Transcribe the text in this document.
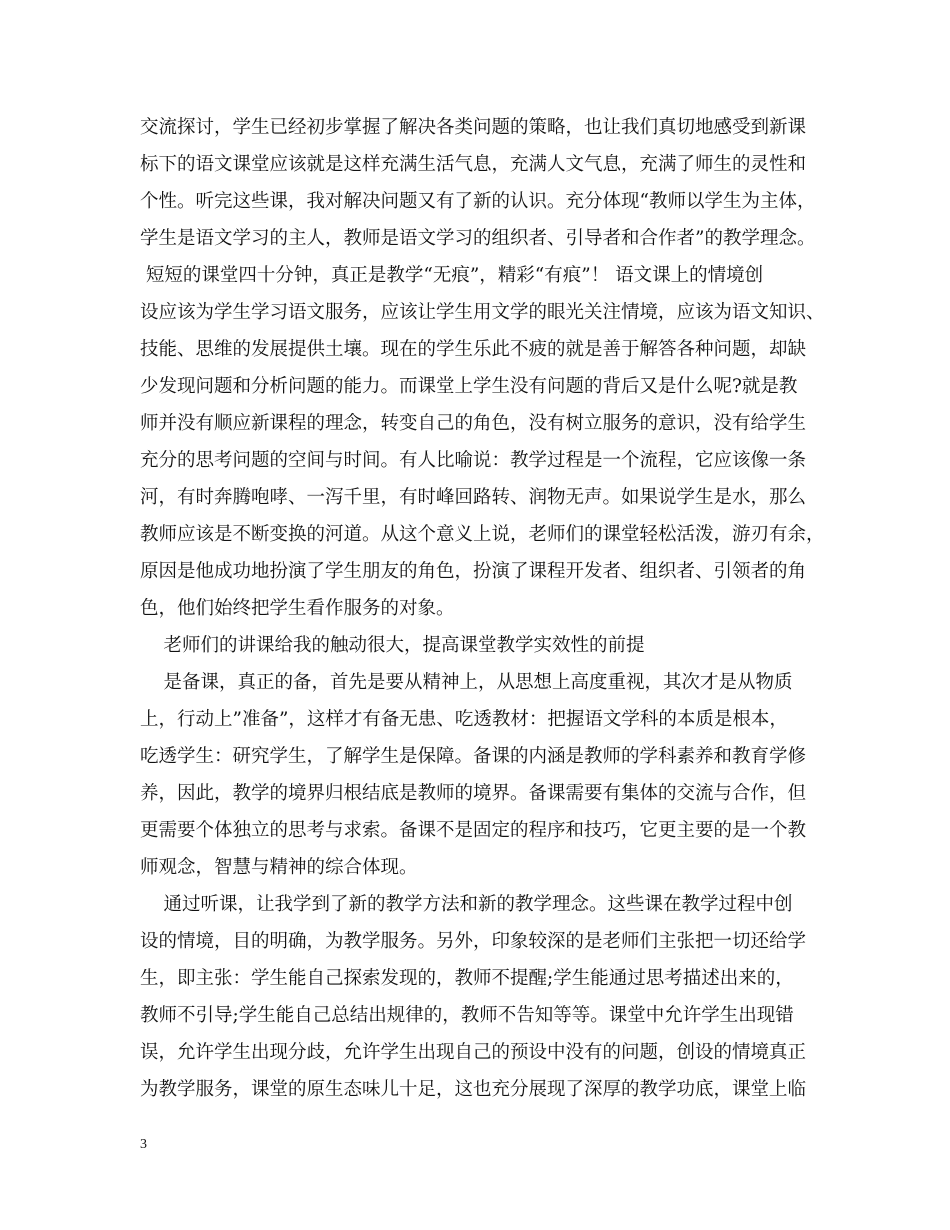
交流探讨，学生已经初步掌握了解决各类问题的策略，也让我们真切地感受到新课
标下的语文课堂应该就是这样充满生活气息，充满人文气息，充满了师生的灵性和
个性。听完这些课，我对解决问题又有了新的认识。充分体现“教师以学生为主体，
学生是语文学习的主人，教师是语文学习的组织者、引导者和合作者”的教学理念。
短短的课堂四十分钟，真正是教学“无痕”，精彩“有痕”！ 语文课上的情境创
设应该为学生学习语文服务，应该让学生用文学的眼光关注情境，应该为语文知识、
技能、思维的发展提供土壤。现在的学生乐此不疲的就是善于解答各种问题，却缺
少发现问题和分析问题的能力。而课堂上学生没有问题的背后又是什么呢?就是教
师并没有顺应新课程的理念，转变自己的角色，没有树立服务的意识，没有给学生
充分的思考问题的空间与时间。有人比喻说：教学过程是一个流程，它应该像一条
河，有时奔腾咆哮、一泻千里，有时峰回路转、润物无声。如果说学生是水，那么
教师应该是不断变换的河道。从这个意义上说，老师们的课堂轻松活泼，游刃有余，
原因是他成功地扮演了学生朋友的角色，扮演了课程开发者、组织者、引领者的角
色，他们始终把学生看作服务的对象。
老师们的讲课给我的触动很大，提高课堂教学实效性的前提
是备课，真正的备，首先是要从精神上，从思想上高度重视，其次才是从物质
上，行动上”准备”，这样才有备无患、吃透教材：把握语文学科的本质是根本，
吃透学生：研究学生，了解学生是保障。备课的内涵是教师的学科素养和教育学修
养，因此，教学的境界归根结底是教师的境界。备课需要有集体的交流与合作，但
更需要个体独立的思考与求索。备课不是固定的程序和技巧，它更主要的是一个教
师观念，智慧与精神的综合体现。
通过听课，让我学到了新的教学方法和新的教学理念。这些课在教学过程中创
设的情境，目的明确，为教学服务。另外，印象较深的是老师们主张把一切还给学
生，即主张：学生能自己探索发现的，教师不提醒;学生能通过思考描述出来的，
教师不引导;学生能自己总结出规律的，教师不告知等等。课堂中允许学生出现错
误，允许学生出现分歧，允许学生出现自己的预设中没有的问题，创设的情境真正
为教学服务，课堂的原生态味儿十足，这也充分展现了深厚的教学功底，课堂上临
3
